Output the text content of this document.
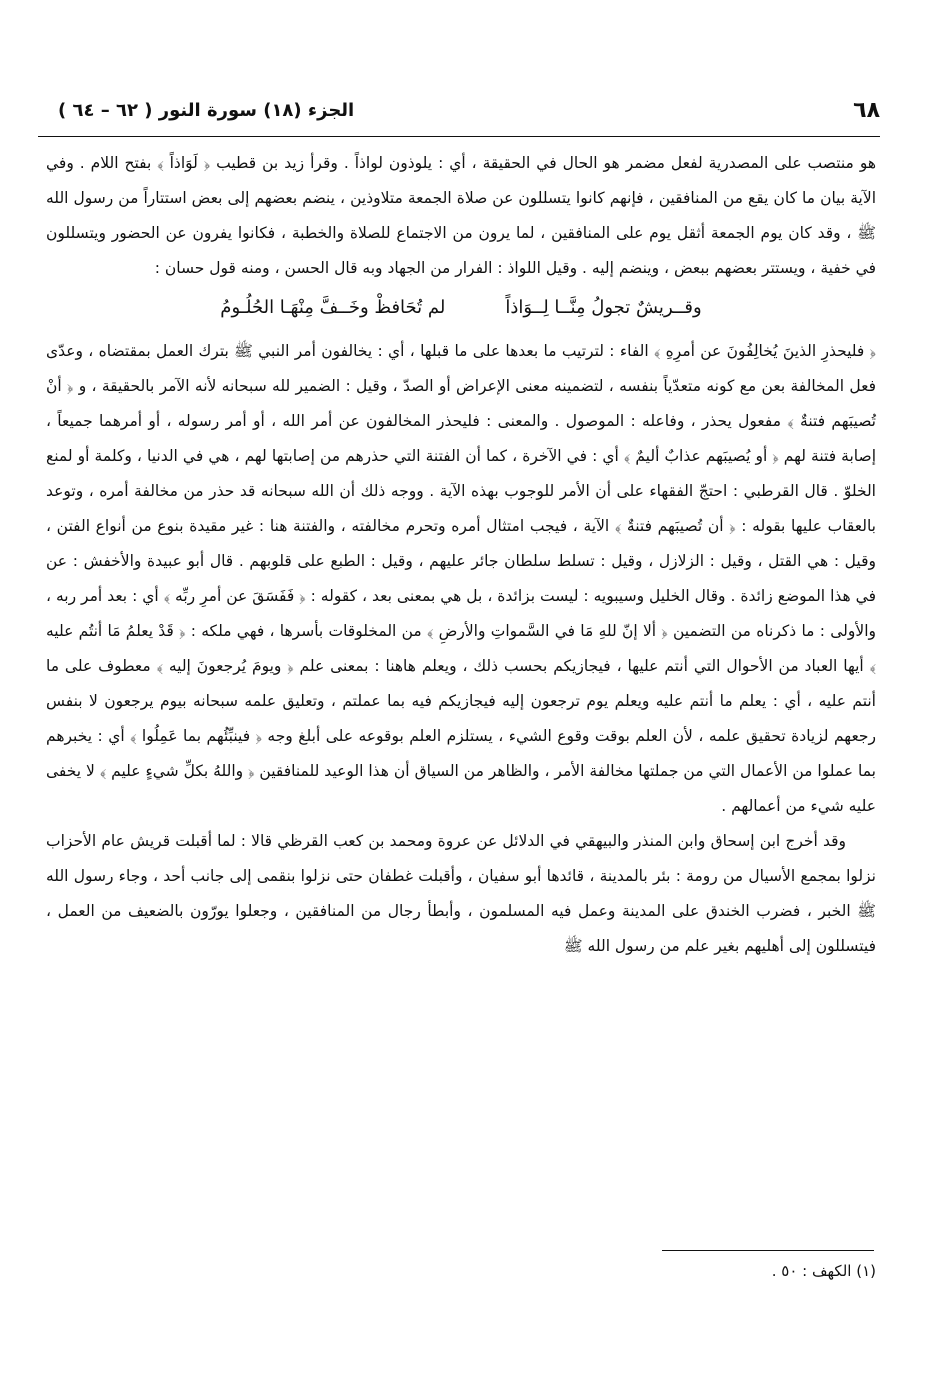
٦٨
الجزء (١٨) سورة النور ( ٦٢ – ٦٤ )

هو منتصب على المصدرية لفعل مضمر هو الحال في الحقيقة ، أي : يلوذون لواذاً . وقرأ زيد بن قطيب ﴿ لَوَاذاً ﴾ بفتح اللام . وفي الآية بيان ما كان يقع من المنافقين ، فإنهم كانوا يتسللون عن صلاة الجمعة متلاوذين ، ينضم بعضهم إلى بعض استتاراً من رسول الله ﷺ ، وقد كان يوم الجمعة أثقل يوم على المنافقين ، لما يرون من الاجتماع للصلاة والخطبة ، فكانوا يفرون عن الحضور ويتسللون في خفية ، ويستتر بعضهم ببعض ، وينضم إليه . وقيل اللواذ : الفرار من الجهاد وبه قال الحسن ، ومنه قول حسان :

وقــريشٌ تجولُ مِنَّــا لِــوَاذاً
لم تُحَافظْ وخَــفَّ مِنْهَـا الحُلُـومُ

﴿ فليحذرِ الذينَ يُخالِفُونَ عن أمرِهِ ﴾ الفاء : لترتيب ما بعدها على ما قبلها ، أي : يخالفون أمر النبي ﷺ بترك العمل بمقتضاه ، وعدّى فعل المخالفة بعن مع كونه متعدّياً بنفسه ، لتضمينه معنى الإعراض أو الصدّ ، وقيل : الضمير لله سبحانه لأنه الآمر بالحقيقة ، و ﴿ أنْ تُصيبَهم فتنةٌ ﴾ مفعول يحذر ، وفاعله : الموصول . والمعنى : فليحذر المخالفون عن أمر الله ، أو أمر رسوله ، أو أمرهما جميعاً ، إصابة فتنة لهم ﴿ أو يُصيبَهم عذابٌ أليمٌ ﴾ أي : في الآخرة ، كما أن الفتنة التي حذرهم من إصابتها لهم ، هي في الدنيا ، وكلمة أو لمنع الخلوّ . قال القرطبي : احتجّ الفقهاء على أن الأمر للوجوب بهذه الآية . ووجه ذلك أن الله سبحانه قد حذر من مخالفة أمره ، وتوعد بالعقاب عليها بقوله : ﴿ أن تُصيبَهم فتنةٌ ﴾ الآية ، فيجب امتثال أمره وتحرم مخالفته ، والفتنة هنا : غير مقيدة بنوع من أنواع الفتن ، وقيل : هي القتل ، وقيل : الزلازل ، وقيل : تسلط سلطان جائر عليهم ، وقيل : الطبع على قلوبهم . قال أبو عبيدة والأخفش : عن في هذا الموضع زائدة . وقال الخليل وسيبويه : ليست بزائدة ، بل هي بمعنى بعد ، كقوله : ﴿ فَفَسَقَ عن أمرِ ربِّه ﴾ أي : بعد أمر ربه ، والأولى : ما ذكرناه من التضمين ﴿ ألا إنّ للهِ مَا في السَّمواتِ والأرضِ ﴾ من المخلوقات بأسرها ، فهي ملكه : ﴿ قَدْ يعلمُ مَا أنتُم عليه ﴾ أيها العباد من الأحوال التي أنتم عليها ، فيجازيكم بحسب ذلك ، ويعلم هاهنا : بمعنى علم ﴿ ويومَ يُرجعونَ إليه ﴾ معطوف على ما أنتم عليه ، أي : يعلم ما أنتم عليه ويعلم يوم ترجعون إليه فيجازيكم فيه بما عملتم ، وتعليق علمه سبحانه بيوم يرجعون لا بنفس رجعهم لزيادة تحقيق علمه ، لأن العلم بوقت وقوع الشيء ، يستلزم العلم بوقوعه على أبلغ وجه ﴿ فينبِّئُهم بما عَمِلُوا ﴾ أي : يخبرهم بما عملوا من الأعمال التي من جملتها مخالفة الأمر ، والظاهر من السياق أن هذا الوعيد للمنافقين ﴿ واللهُ بكلِّ شيءٍ عليم ﴾ لا يخفى عليه شيء من أعمالهم .

وقد أخرج ابن إسحاق وابن المنذر والبيهقي في الدلائل عن عروة ومحمد بن كعب القرظي قالا : لما أقبلت قريش عام الأحزاب نزلوا بمجمع الأسيال من رومة : بئر بالمدينة ، قائدها أبو سفيان ، وأقبلت غطفان حتى نزلوا بنقمى إلى جانب أحد ، وجاء رسول الله ﷺ الخبر ، فضرب الخندق على المدينة وعمل فيه المسلمون ، وأبطأ رجال من المنافقين ، وجعلوا يورّون بالضعيف من العمل ، فيتسللون إلى أهليهم بغير علم من رسول الله ﷺ

(١) الكهف : ٥٠ .
